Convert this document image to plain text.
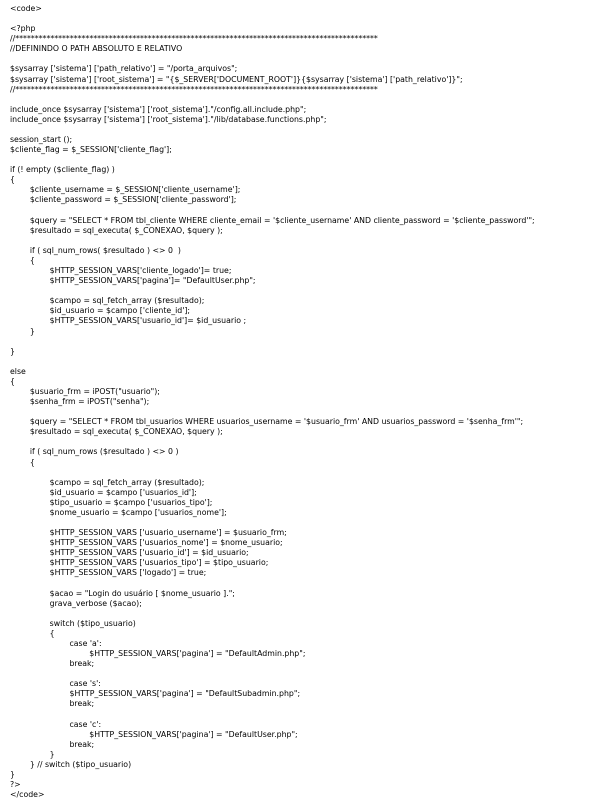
<code>
<?php
//*********************************************************************************************
//DEFININDO O PATH ABSOLUTO E RELATIVO
$sysarray ['sistema'] ['path_relativo'] = "/porta_arquivos";
$sysarray ['sistema'] ['root_sistema'] = "{$_SERVER['DOCUMENT_ROOT']}{$sysarray ['sistema'] ['path_relativo']}";
//*********************************************************************************************
include_once $sysarray ['sistema'] ['root_sistema']."/config.all.include.php";
include_once $sysarray ['sistema'] ['root_sistema']."/lib/database.functions.php";
session_start ();
$cliente_flag = $_SESSION['cliente_flag'];
if (! empty ($cliente_flag) )
{
$cliente_username = $_SESSION['cliente_username'];
$cliente_password = $_SESSION['cliente_password'];
$query = "SELECT * FROM tbl_cliente WHERE cliente_email = '$cliente_username' AND cliente_password = '$cliente_password'";
$resultado = sql_executa( $_CONEXAO, $query );
if ( sql_num_rows( $resultado ) <> 0  )
{
$HTTP_SESSION_VARS['cliente_logado']= true;
$HTTP_SESSION_VARS['pagina']= "DefaultUser.php";
$campo = sql_fetch_array ($resultado);
$id_usuario = $campo ['cliente_id'];
$HTTP_SESSION_VARS['usuario_id']= $id_usuario ;
}
}
else
{
$usuario_frm = iPOST("usuario");
$senha_frm = iPOST("senha");
$query = "SELECT * FROM tbl_usuarios WHERE usuarios_username = '$usuario_frm' AND usuarios_password = '$senha_frm'";
$resultado = sql_executa( $_CONEXAO, $query );
if ( sql_num_rows ($resultado ) <> 0 )
{
$campo = sql_fetch_array ($resultado);
$id_usuario = $campo ['usuarios_id'];
$tipo_usuario = $campo ['usuarios_tipo'];
$nome_usuario = $campo ['usuarios_nome'];
$HTTP_SESSION_VARS ['usuario_username'] = $usuario_frm;
$HTTP_SESSION_VARS ['usuarios_nome'] = $nome_usuario;
$HTTP_SESSION_VARS ['usuario_id'] = $id_usuario;
$HTTP_SESSION_VARS ['usuarios_tipo'] = $tipo_usuario;
$HTTP_SESSION_VARS ['logado'] = true;
$acao = "Login do usuário [ $nome_usuario ].";
grava_verbose ($acao);
switch ($tipo_usuario)
{
case 'a':
$HTTP_SESSION_VARS['pagina'] = "DefaultAdmin.php";
break;
case 's':
$HTTP_SESSION_VARS['pagina'] = "DefaultSubadmin.php";
break;
case 'c':
$HTTP_SESSION_VARS['pagina'] = "DefaultUser.php";
break;
}
} // switch ($tipo_usuario)
}
?>
</code>
